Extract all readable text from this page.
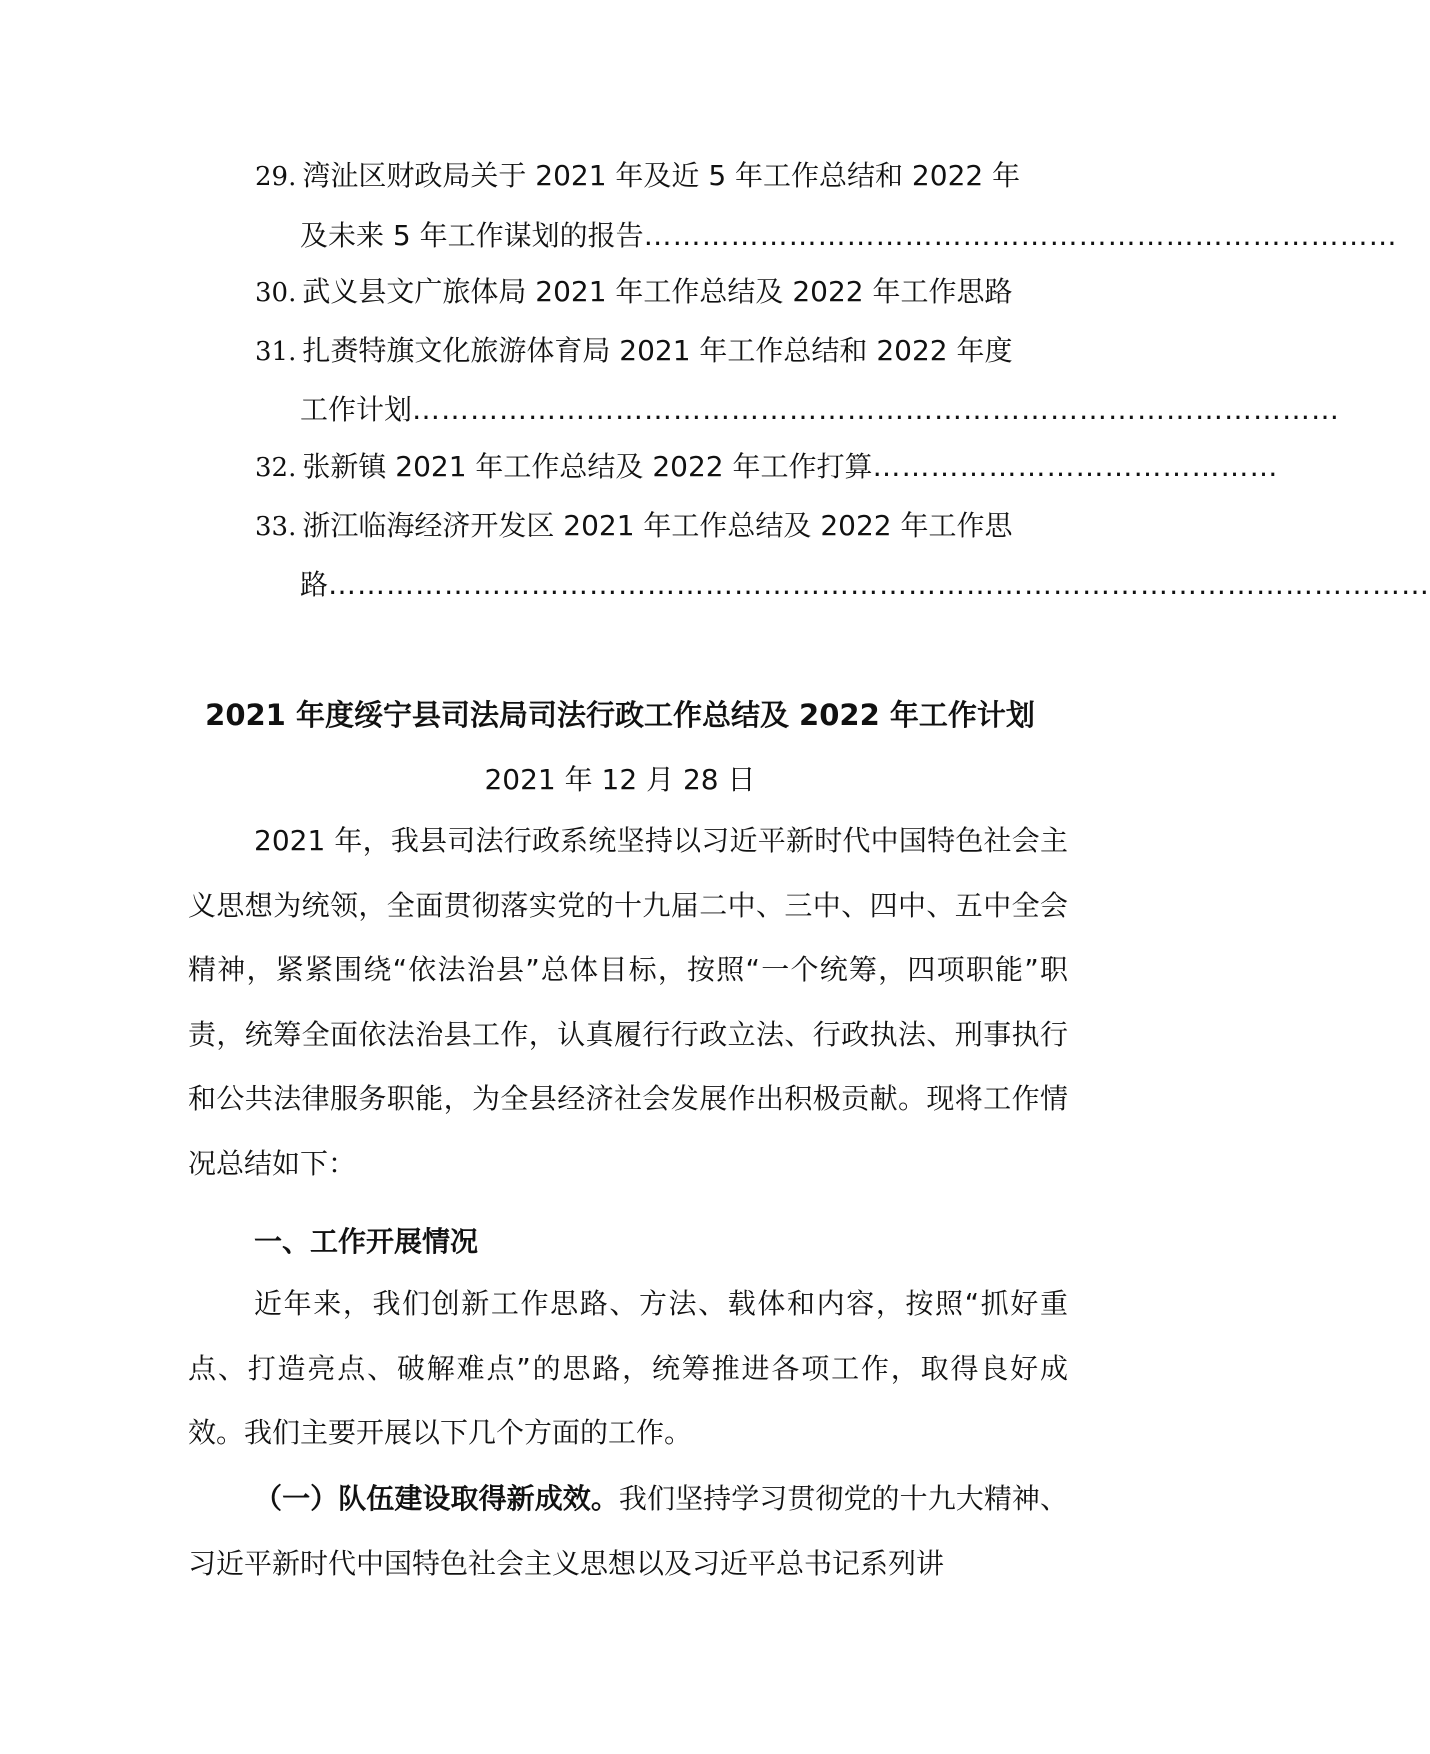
29. 湾沚区财政局关于 2021 年及近 5 年工作总结和 2022 年
及未来 5 年工作谋划的报告 ……………………………………………………………………
30. 武义县文广旅体局 2021 年工作总结及 2022 年工作思路
31. 扎赉特旗文化旅游体育局 2021 年工作总结和 2022 年度
工作计划 ……………………………………………………………………………………
32. 张新镇 2021 年工作总结及 2022 年工作打算 ……………………………………
33. 浙江临海经济开发区 2021 年工作总结及 2022 年工作思
路 ……………………………………………………………………………………………………
2021 年度绥宁县司法局司法行政工作总结及 2022 年工作计划
2021 年 12 月 28 日

2021 年，我县司法行政系统坚持以习近平新时代中国特色社会主义思想为统领，全面贯彻落实党的十九届二中、三中、四中、五中全会精神，紧紧围绕“依法治县”总体目标，按照“一个统筹，四项职能”职责，统筹全面依法治县工作，认真履行行政立法、行政执法、刑事执行和公共法律服务职能，为全县经济社会发展作出积极贡献。现将工作情况总结如下：

一、工作开展情况

近年来，我们创新工作思路、方法、载体和内容，按照“抓好重点、打造亮点、破解难点”的思路，统筹推进各项工作，取得良好成效。我们主要开展以下几个方面的工作。

（一）队伍建设取得新成效。我们坚持学习贯彻党的十九大精神、习近平新时代中国特色社会主义思想以及习近平总书记系列讲
